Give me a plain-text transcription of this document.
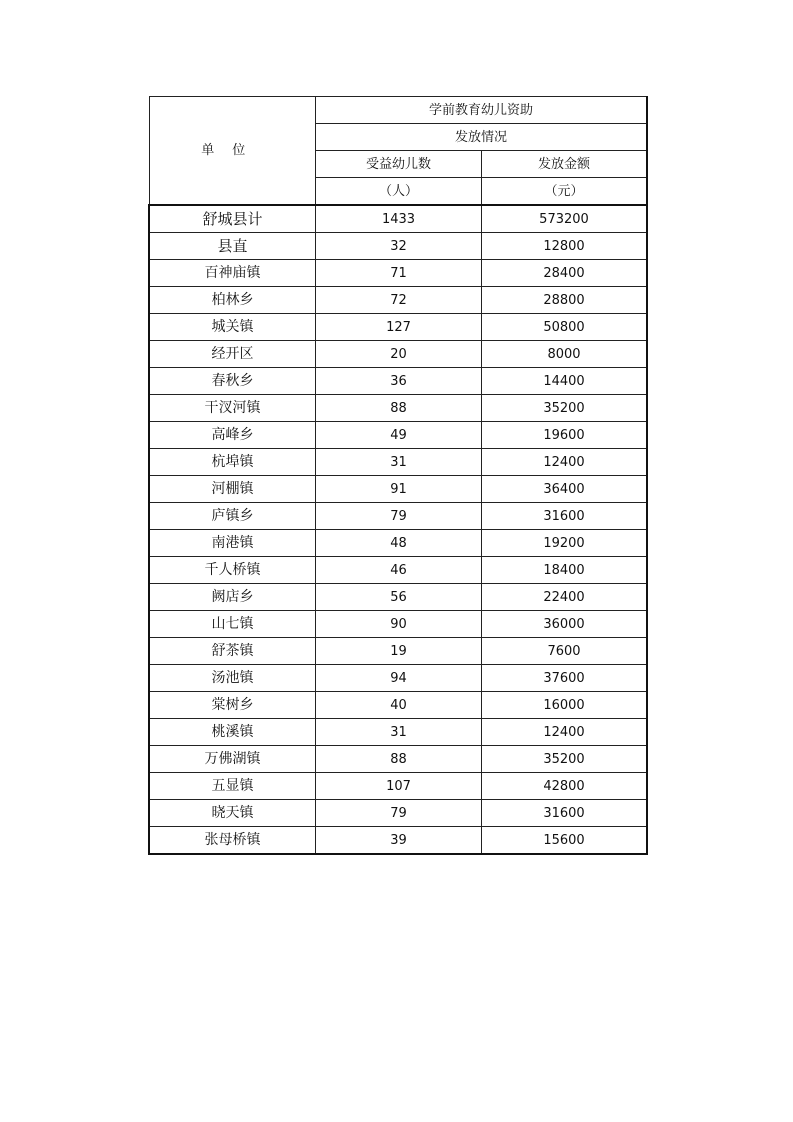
单位	学前教育幼儿资助	
	发放情况	
	受益幼儿数	发放金额
	（人）	（元）
舒城县计	1433	573200
县直	32	12800
百神庙镇	71	28400
柏林乡	72	28800
城关镇	127	50800
经开区	20	8000
春秋乡	36	14400
干汊河镇	88	35200
高峰乡	49	19600
杭埠镇	31	12400
河棚镇	91	36400
庐镇乡	79	31600
南港镇	48	19200
千人桥镇	46	18400
阙店乡	56	22400
山七镇	90	36000
舒茶镇	19	7600
汤池镇	94	37600
棠树乡	40	16000
桃溪镇	31	12400
万佛湖镇	88	35200
五显镇	107	42800
晓天镇	79	31600
张母桥镇	39	15600
